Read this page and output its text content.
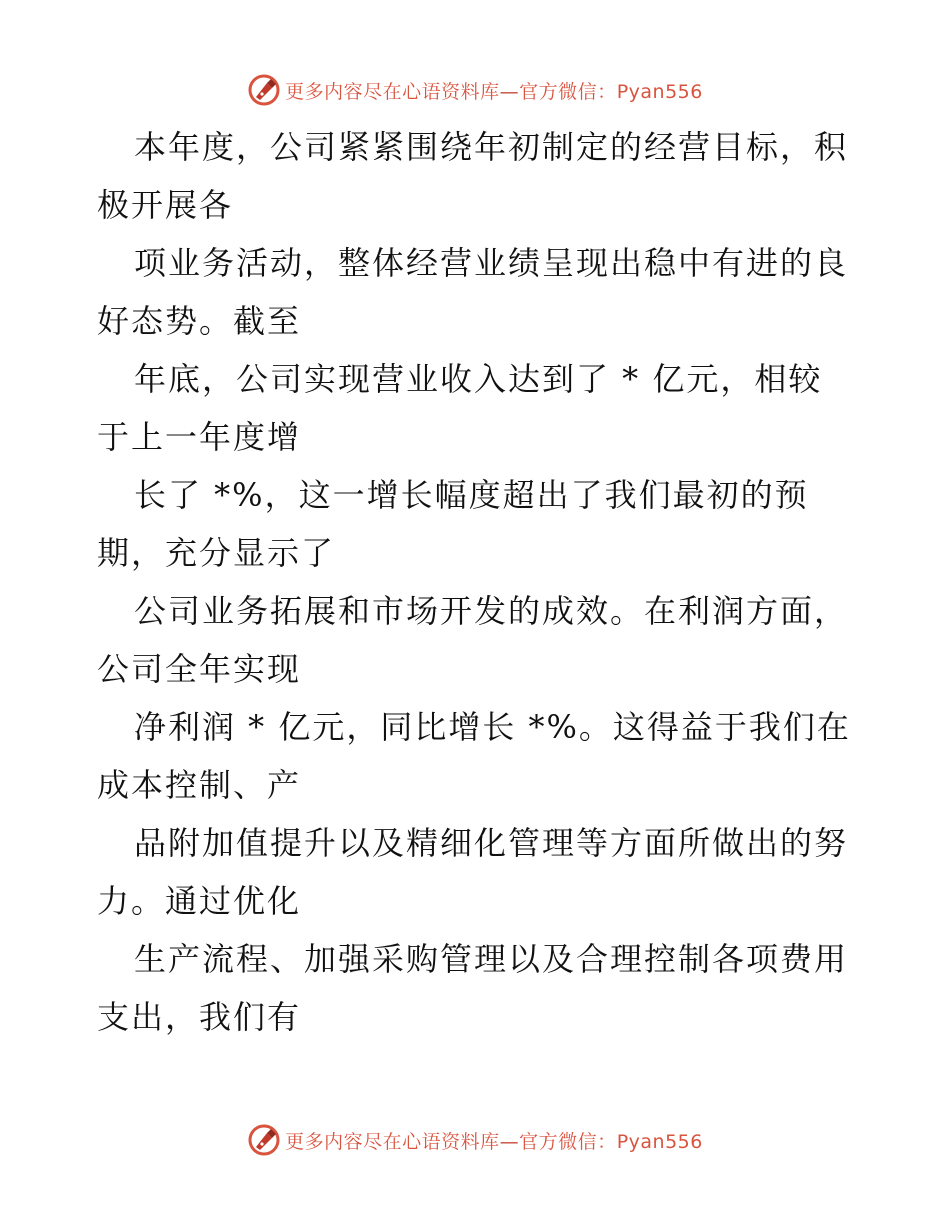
更多内容尽在心语资料库—官方微信：Pyan556
本年度，公司紧紧围绕年初制定的经营目标，积
极开展各
项业务活动，整体经营业绩呈现出稳中有进的良
好态势。截至
年底，公司实现营业收入达到了 * 亿元，相较
于上一年度增
长了 *%，这一增长幅度超出了我们最初的预
期，充分显示了
公司业务拓展和市场开发的成效。在利润方面，
公司全年实现
净利润 * 亿元，同比增长 *%。这得益于我们在
成本控制、产
品附加值提升以及精细化管理等方面所做出的努
力。通过优化
生产流程、加强采购管理以及合理控制各项费用
支出，我们有
更多内容尽在心语资料库—官方微信：Pyan556
